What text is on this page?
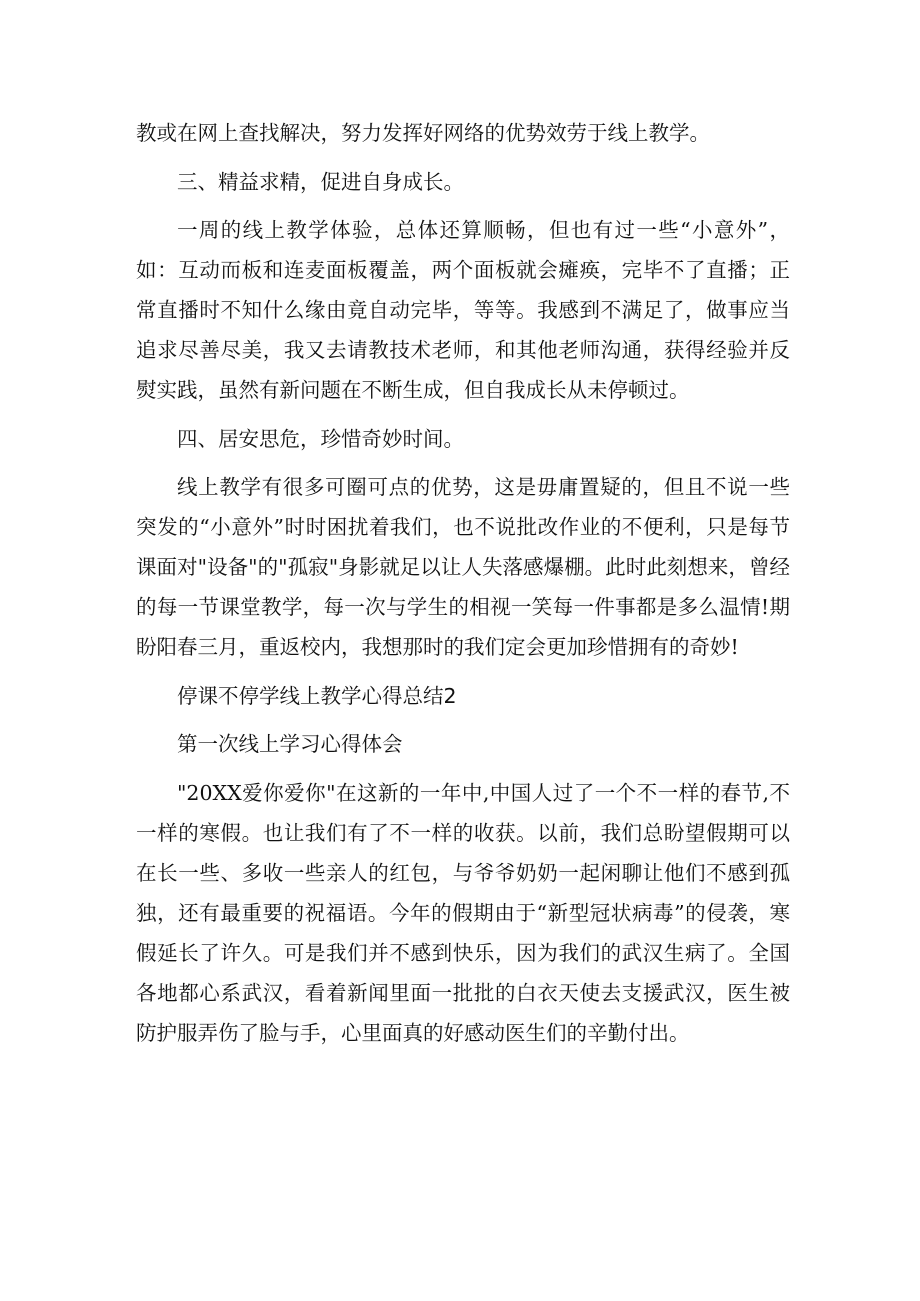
教或在网上查找解决，努力发挥好网络的优势效劳于线上教学。

三、精益求精，促进自身成长。

一周的线上教学体验，总体还算顺畅，但也有过一些“小意外”，如：互动而板和连麦面板覆盖，两个面板就会瘫痪，完毕不了直播；正常直播时不知什么缘由竟自动完毕，等等。我感到不满足了，做事应当追求尽善尽美，我又去请教技术老师，和其他老师沟通，获得经验并反熨实践，虽然有新问题在不断生成，但自我成长从未停顿过。

四、居安思危，珍惜奇妙时间。

线上教学有很多可圈可点的优势，这是毋庸置疑的，但且不说一些突发的“小意外”时时困扰着我们，也不说批改作业的不便利，只是每节课面对"设备"的"孤寂"身影就足以让人失落感爆棚。此时此刻想来，曾经的每一节课堂教学，每一次与学生的相视一笑每一件事都是多么温情!期盼阳春三月，重返校内，我想那时的我们定会更加珍惜拥有的奇妙!

停课不停学线上教学心得总结2

第一次线上学习心得体会

"20XX爱你爱你"在这新的一年中,中国人过了一个不一样的春节,不一样的寒假。也让我们有了不一样的收获。以前，我们总盼望假期可以在长一些、多收一些亲人的红包，与爷爷奶奶一起闲聊让他们不感到孤独，还有最重要的祝福语。今年的假期由于“新型冠状病毒”的侵袭，寒假延长了许久。可是我们并不感到快乐，因为我们的武汉生病了。全国各地都心系武汉，看着新闻里面一批批的白衣天使去支援武汉，医生被防护服弄伤了脸与手，心里面真的好感动医生们的辛勤付出。
